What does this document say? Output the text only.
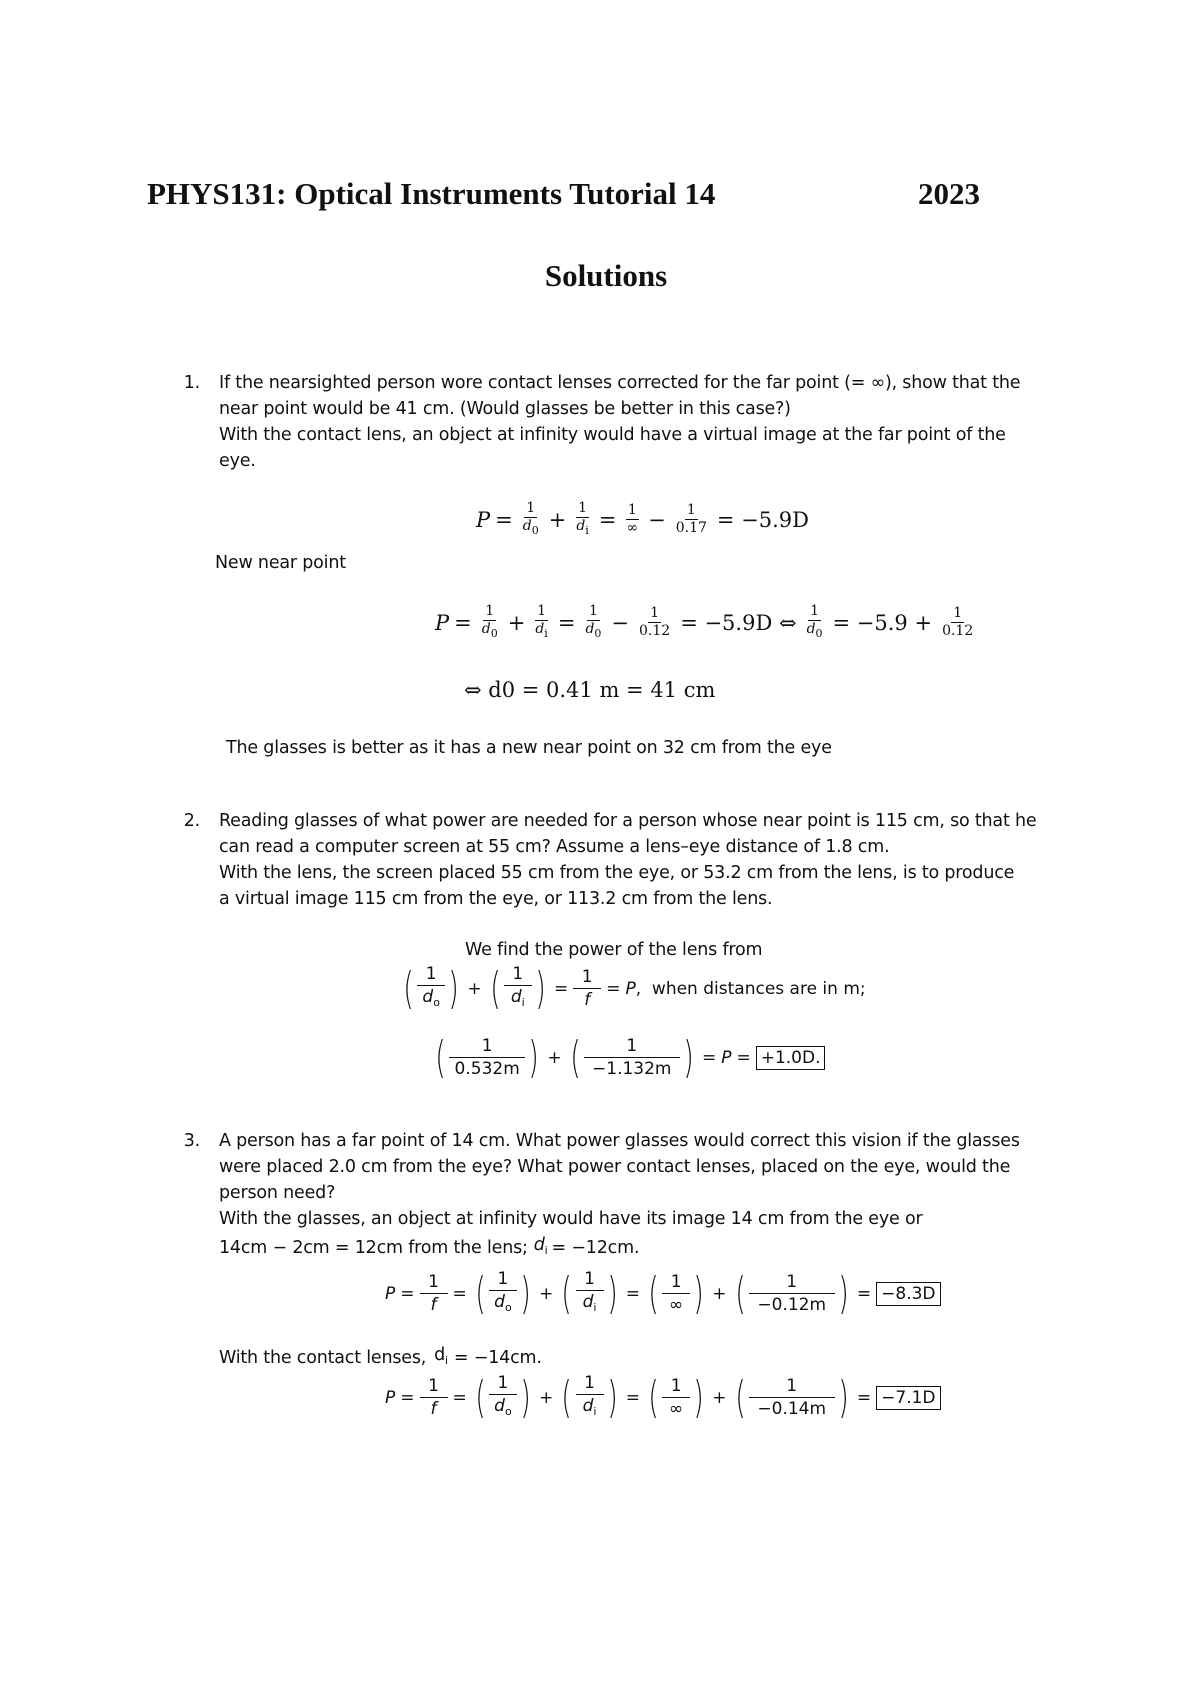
PHYS131: Optical Instruments Tutorial 14	2023
Solutions
1. If the nearsighted person wore contact lenses corrected for the far point (= ∞), show that the
near point would be 41 cm. (Would glasses be better in this case?)
With the contact lens, an object at infinity would have a virtual image at the far point of the
eye.
$P = \frac{1}{d_0} + \frac{1}{d_i} = \frac{1}{\infty} - \frac{1}{0.17} = -5.9D$
New near point
$P = \frac{1}{d_0} + \frac{1}{d_i} = \frac{1}{d_0} - \frac{1}{0.12} = -5.9D$ ⇔ $\frac{1}{d_0} = -5.9 + \frac{1}{0.12}$
⇔ d0 = 0.41 m = 41 cm
The glasses is better as it has a new near point on 32 cm from the eye
2. Reading glasses of what power are needed for a person whose near point is 115 cm, so that he
can read a computer screen at 55 cm? Assume a lens–eye distance of 1.8 cm.
With the lens, the screen placed 55 cm from the eye, or 53.2 cm from the lens, is to produce
a virtual image 115 cm from the eye, or 113.2 cm from the lens.
We find the power of the lens from
( 1
$d_o$ ) + ( 1
$d_i$ ) = $\frac{1}{f} = P$ , when distances are in m;
(	1
0.532m ) + (	1
−1.132m ) = P = +1.0D.
3. A person has a far point of 14 cm. What power glasses would correct this vision if the glasses
were placed 2.0 cm from the eye? What power contact lenses, placed on the eye, would the
person need?
With the glasses, an object at infinity would have its image 14 cm from the eye or
14cm − 2cm = 12cm from the lens; $d_i = -12cm$.
$P = \frac{1}{f}$ = ( 1
$d_o$ ) + ( 1
$d_i$ ) = ( 1
∞ ) + (	1
−0.12m ) = −8.3D
With the contact lenses, $d_i = -14cm$.
$P = \frac{1}{f}$ = ( 1
$d_o$ ) + ( 1
$d_i$ ) = ( 1
∞ ) + (	1
−0.14m ) = −7.1D
